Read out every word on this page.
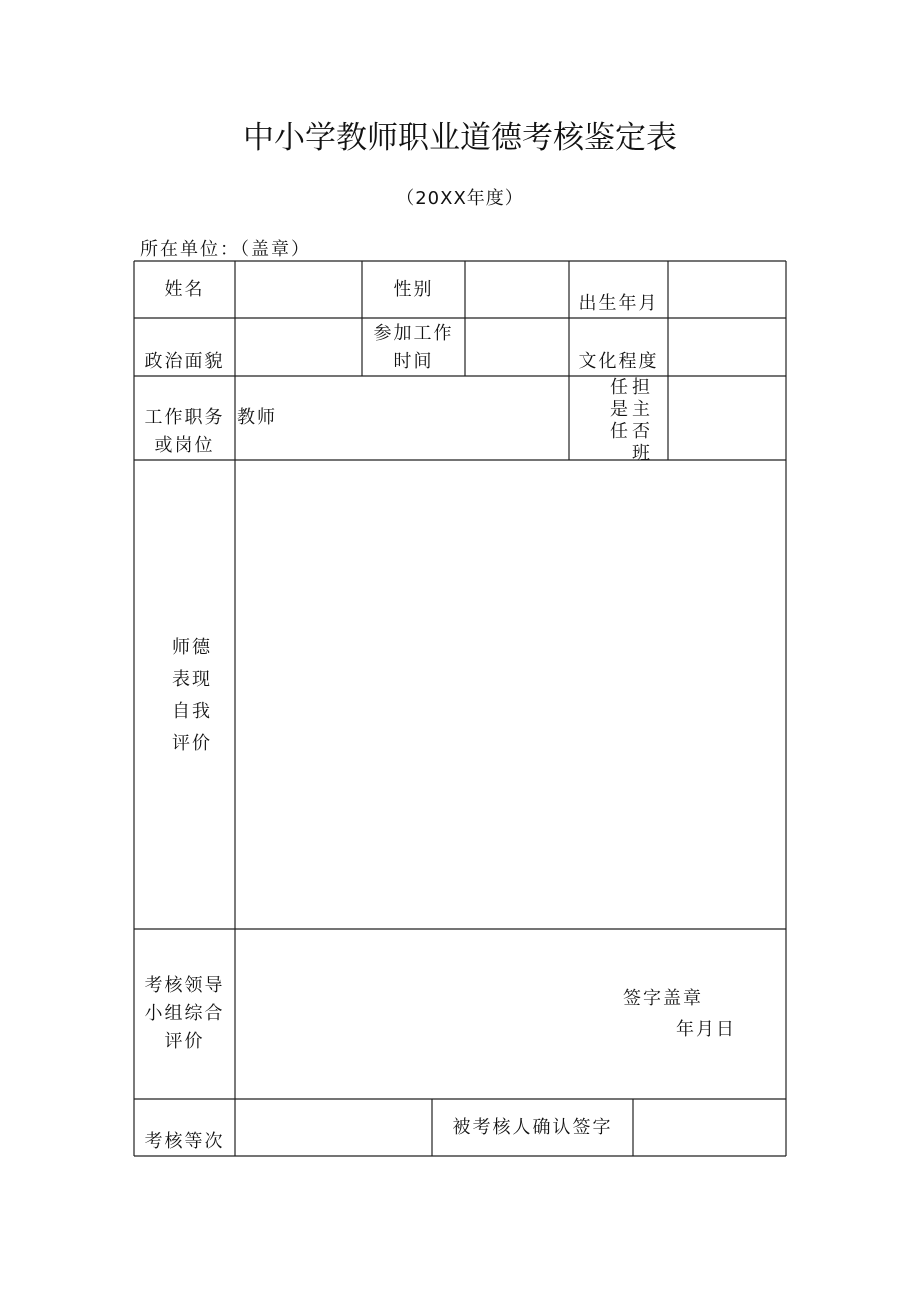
中小学教师职业道德考核鉴定表
（20XX年度）
所在单位：（盖章）
姓名	性别
出生年月
政治面貌
参加工作
时间	文化程度
工作职务
或岗位
教师
任
是
任
担
主
否
班
师德
表现
自我
评价
考核领导
小组综合
评价
签字盖章
年月日
考核等次
被考核人确认签字
